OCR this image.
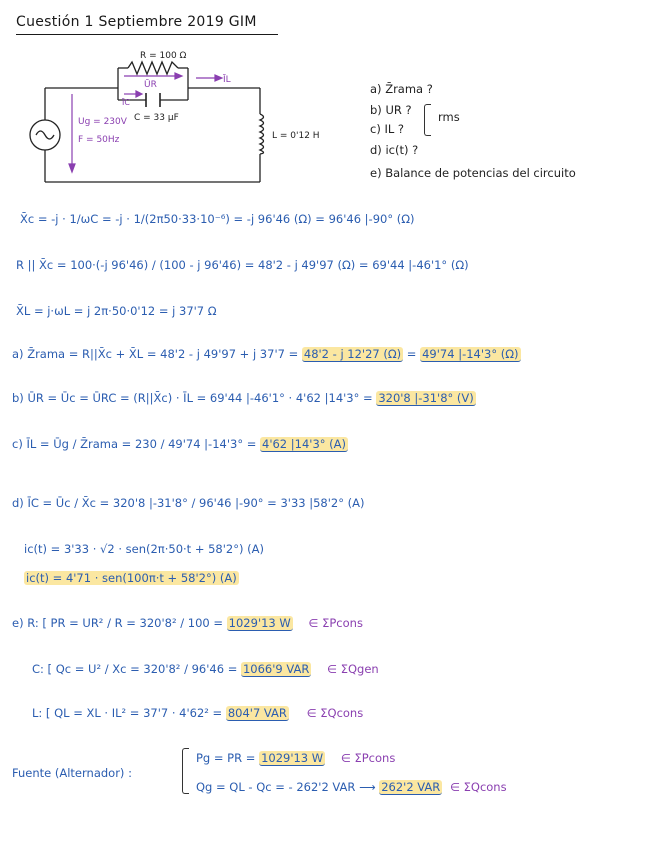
Cuestión 1 Septiembre 2019 GIM
R = 100 Ω
ŪR	ĪL
ĪC
C = 33 μF
L = 0'12 H
Ug = 230V
F = 50Hz
a) Z̄rama ?
b) UR ?
c) IL ?
rms
d) ic(t) ?
e) Balance de potencias del circuito
X̄c = -j · 1/ωC = -j · 1/(2π50·33·10⁻⁶) = -j 96'46 (Ω) = 96'46 |-90° (Ω)
R || X̄c = 100·(-j 96'46) / (100 - j 96'46) = 48'2 - j 49'97 (Ω) = 69'44 |-46'1° (Ω)
X̄L = j·ωL = j 2π·50·0'12 = j 37'7 Ω
a) Z̄rama = R||X̄c + X̄L = 48'2 - j 49'97 + j 37'7 = 48'2 - j 12'27 (Ω) = 49'74 |-14'3° (Ω)
b) ŪR = Ūc = ŪRC = (R||X̄c) · ĪL = 69'44 |-46'1° · 4'62 |14'3° = 320'8 |-31'8° (V)
c) ĪL = Ūg / Z̄rama = 230 / 49'74 |-14'3° = 4'62 |14'3° (A)
d) ĪC = Ūc / X̄c = 320'8 |-31'8° / 96'46 |-90° = 3'33 |58'2° (A)
ic(t) = 3'33 · √2 · sen(2π·50·t + 58'2°) (A)
ic(t) = 4'71 · sen(100π·t + 58'2°) (A)
e) R: [ PR = UR² / R = 320'8² / 100 = 1029'13 W ∈ ΣPcons
C: [ Qc = U² / Xc = 320'8² / 96'46 = 1066'9 VAR ∈ ΣQgen
L: [ QL = XL · IL² = 37'7 · 4'62² = 804'7 VAR ∈ ΣQcons
Fuente (Alternador) :
Pg = PR = 1029'13 W ∈ ΣPcons
Qg = QL - Qc = - 262'2 VAR ⟶ 262'2 VAR ∈ ΣQcons
